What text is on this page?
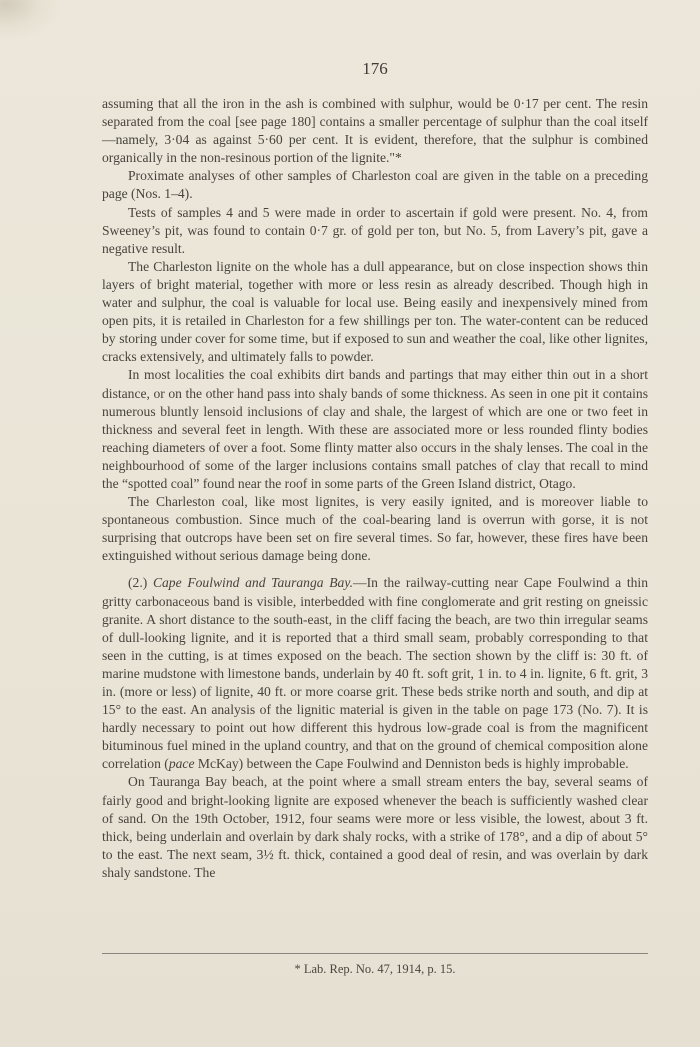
176

assuming that all the iron in the ash is combined with sulphur, would be 0·17 per cent. The resin separated from the coal [see page 180] contains a smaller percentage of sulphur than the coal itself—namely, 3·04 as against 5·60 per cent. It is evident, therefore, that the sulphur is combined organically in the non-resinous portion of the lignite."*

Proximate analyses of other samples of Charleston coal are given in the table on a preceding page (Nos. 1–4).

Tests of samples 4 and 5 were made in order to ascertain if gold were present. No. 4, from Sweeney’s pit, was found to contain 0·7 gr. of gold per ton, but No. 5, from Lavery’s pit, gave a negative result.

The Charleston lignite on the whole has a dull appearance, but on close inspection shows thin layers of bright material, together with more or less resin as already described. Though high in water and sulphur, the coal is valuable for local use. Being easily and inexpensively mined from open pits, it is retailed in Charleston for a few shillings per ton. The water-content can be reduced by storing under cover for some time, but if exposed to sun and weather the coal, like other lignites, cracks extensively, and ultimately falls to powder.

In most localities the coal exhibits dirt bands and partings that may either thin out in a short distance, or on the other hand pass into shaly bands of some thickness. As seen in one pit it contains numerous bluntly lensoid inclusions of clay and shale, the largest of which are one or two feet in thickness and several feet in length. With these are associated more or less rounded flinty bodies reaching diameters of over a foot. Some flinty matter also occurs in the shaly lenses. The coal in the neighbourhood of some of the larger inclusions contains small patches of clay that recall to mind the “spotted coal” found near the roof in some parts of the Green Island district, Otago.

The Charleston coal, like most lignites, is very easily ignited, and is moreover liable to spontaneous combustion. Since much of the coal-bearing land is overrun with gorse, it is not surprising that outcrops have been set on fire several times. So far, however, these fires have been extinguished without serious damage being done.

(2.) Cape Foulwind and Tauranga Bay.—In the railway-cutting near Cape Foulwind a thin gritty carbonaceous band is visible, interbedded with fine conglomerate and grit resting on gneissic granite. A short distance to the south-east, in the cliff facing the beach, are two thin irregular seams of dull-looking lignite, and it is reported that a third small seam, probably corresponding to that seen in the cutting, is at times exposed on the beach. The section shown by the cliff is: 30 ft. of marine mudstone with limestone bands, underlain by 40 ft. soft grit, 1 in. to 4 in. lignite, 6 ft. grit, 3 in. (more or less) of lignite, 40 ft. or more coarse grit. These beds strike north and south, and dip at 15° to the east. An analysis of the lignitic material is given in the table on page 173 (No. 7). It is hardly necessary to point out how different this hydrous low-grade coal is from the magnificent bituminous fuel mined in the upland country, and that on the ground of chemical composition alone correlation (pace McKay) between the Cape Foulwind and Denniston beds is highly improbable.

On Tauranga Bay beach, at the point where a small stream enters the bay, several seams of fairly good and bright-looking lignite are exposed whenever the beach is sufficiently washed clear of sand. On the 19th October, 1912, four seams were more or less visible, the lowest, about 3 ft. thick, being underlain and overlain by dark shaly rocks, with a strike of 178°, and a dip of about 5° to the east. The next seam, 3½ ft. thick, contained a good deal of resin, and was overlain by dark shaly sandstone. The

* Lab. Rep. No. 47, 1914, p. 15.
